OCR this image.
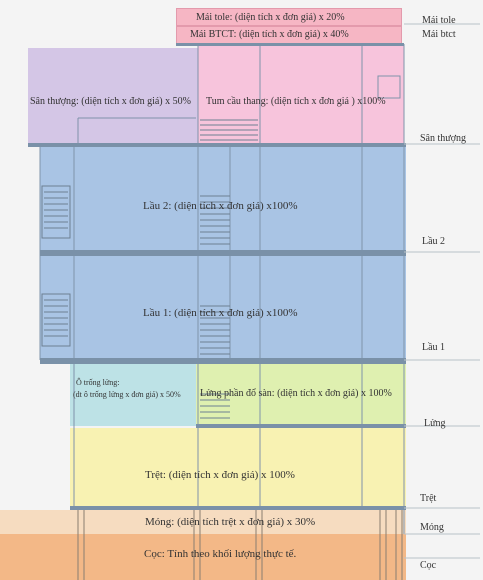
Mái tole: (diện tích x đơn giá) x 20%
Mái BTCT: (diện tích x đơn giá) x 40%
Sân thượng: (diện tích x đơn giá) x 50% Tum cầu thang: (diện tích x đơn giá ) x100%
Lầu 2: (diện tích x đơn giá) x100%
Lầu 1: (diện tích x đơn giá) x100%
Ô trống lửng:
(dt ô trống lửng x đơn giá) x 50% Lửng phần đổ sàn: (diện tích x đơn giá) x 100%
Trệt: (diện tích x đơn giá) x 100%
Móng: (diện tích trệt x đơn giá) x 30%
Cọc: Tính theo khối lượng thực tế.
Mái tole
Mái btct
Sân thượng
Lầu 2
Lầu 1
Lửng
Trệt
Móng
Cọc
